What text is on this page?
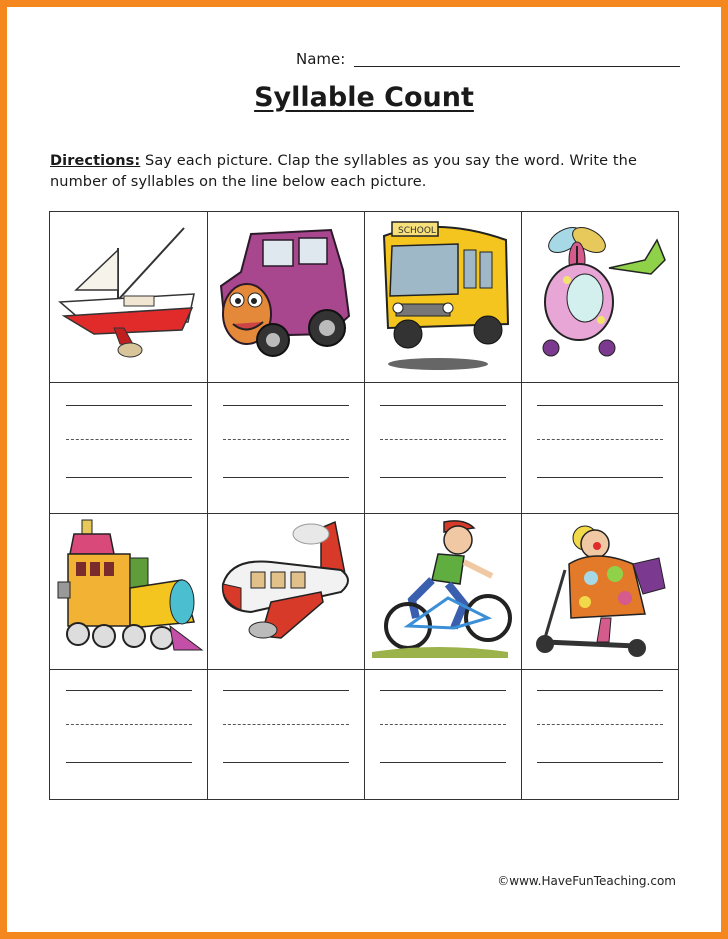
Name:
Syllable Count
Directions: Say each picture. Clap the syllables as you say the word. Write the number of syllables on the line below each picture.
SCHOOL
©www.HaveFunTeaching.com
